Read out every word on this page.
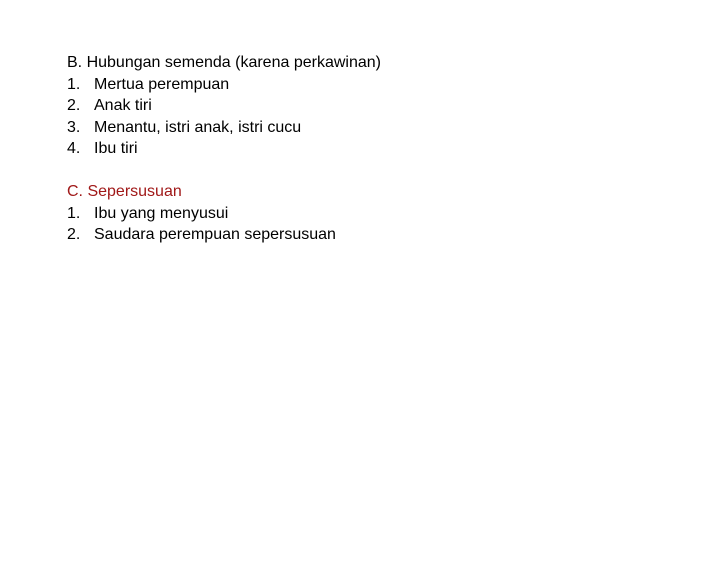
B. Hubungan semenda (karena perkawinan)
1. Mertua perempuan
2. Anak tiri
3. Menantu, istri anak, istri cucu
4. Ibu tiri
C. Sepersusuan
1. Ibu yang menyusui
2. Saudara perempuan sepersusuan
